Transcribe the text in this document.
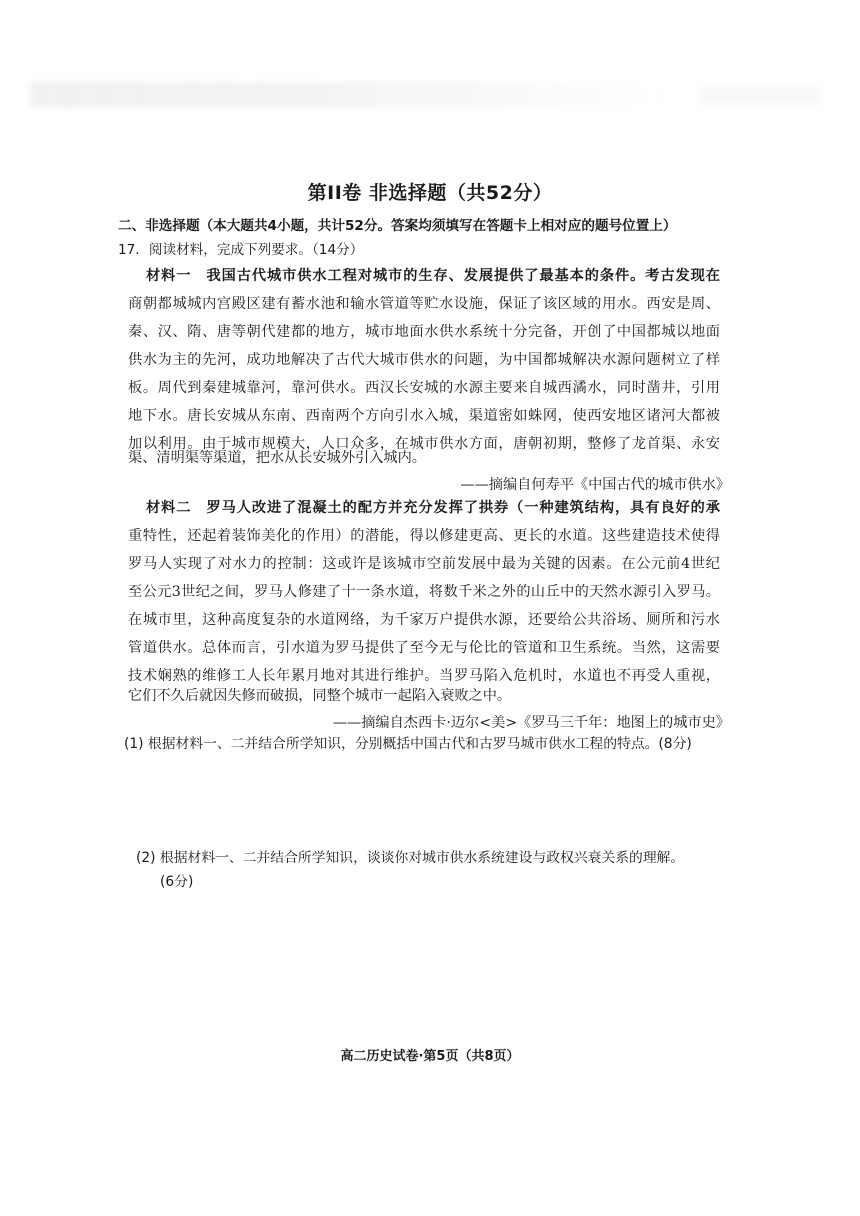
第II卷 非选择题（共52分）
二、非选择题（本大题共4小题，共计52分。答案均须填写在答题卡上相对应的题号位置上）
17．阅读材料，完成下列要求。（14分）
材料一　我国古代城市供水工程对城市的生存、发展提供了最基本的条件。考古发现在
商朝都城城内宫殿区建有蓄水池和输水管道等贮水设施，保证了该区域的用水。西安是周、
秦、汉、隋、唐等朝代建都的地方，城市地面水供水系统十分完备，开创了中国都城以地面
供水为主的先河，成功地解决了古代大城市供水的问题，为中国都城解决水源问题树立了样
板。周代到秦建城靠河，靠河供水。西汉长安城的水源主要来自城西潏水，同时凿井，引用
地下水。唐长安城从东南、西南两个方向引水入城，渠道密如蛛网，使西安地区诸河大都被
加以利用。由于城市规模大，人口众多，在城市供水方面，唐朝初期，整修了龙首渠、永安
渠、清明渠等渠道，把水从长安城外引入城内。
——摘编自何寿平《中国古代的城市供水》
材料二　罗马人改进了混凝土的配方并充分发挥了拱券（一种建筑结构，具有良好的承
重特性，还起着装饰美化的作用）的潜能，得以修建更高、更长的水道。这些建造技术使得
罗马人实现了对水力的控制：这或许是该城市空前发展中最为关键的因素。在公元前4世纪
至公元3世纪之间，罗马人修建了十一条水道，将数千米之外的山丘中的天然水源引入罗马。
在城市里，这种高度复杂的水道网络，为千家万户提供水源，还要给公共浴场、厕所和污水
管道供水。总体而言，引水道为罗马提供了至今无与伦比的管道和卫生系统。当然，这需要
技术娴熟的维修工人长年累月地对其进行维护。当罗马陷入危机时，水道也不再受人重视，
它们不久后就因失修而破损，同整个城市一起陷入衰败之中。
——摘编自杰西卡·迈尔<美>《罗马三千年：地图上的城市史》
(1) 根据材料一、二并结合所学知识，分别概括中国古代和古罗马城市供水工程的特点。(8分)
(2) 根据材料一、二并结合所学知识，谈谈你对城市供水系统建设与政权兴衰关系的理解。
(6分)
高二历史试卷·第5页（共8页）
